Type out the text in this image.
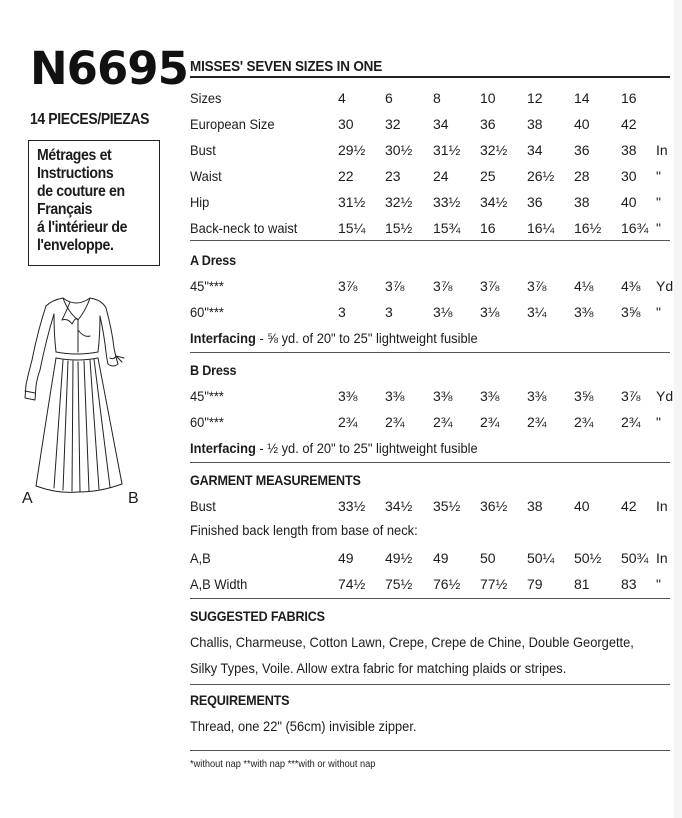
N6695
14 PIECES/PIEZAS
Métrages et
Instructions
de couture en
Français
á l'intérieur de
l'enveloppe.
A	B
MISSES' SEVEN SIZES IN ONE
Sizes	4	6	8	10	12	14	16
European Size	30	32	34	36	38	40	42
Bust	29½	30½	31½	32½	34	36	38	In
Waist	22	23	24	25	26½	28	30	"
Hip	31½	32½	33½	34½	36	38	40	"
Back-neck to waist	15¼	15½	15¾	16	16¼	16½	16¾ "
A Dress
45"***	3⅞	3⅞	3⅞	3⅞	3⅞	4⅛	4⅜	Yd
60"***	3	3	3⅛	3⅛	3¼	3⅜	3⅝	"
Interfacing - ⅝ yd. of 20" to 25" lightweight fusible
B Dress
45"***	3⅜	3⅜	3⅜	3⅜	3⅜	3⅝	3⅞	Yd
60"***	2¾	2¾	2¾	2¾	2¾	2¾	2¾	"
Interfacing - ½ yd. of 20" to 25" lightweight fusible
GARMENT MEASUREMENTS
Bust	33½	34½	35½	36½	38	40	42	In
Finished back length from base of neck:
A,B	49	49½	49	50	50¼	50½	50¾ In
A,B Width	74½	75½	76½	77½	79	81	83	"
SUGGESTED FABRICS
Challis, Charmeuse, Cotton Lawn, Crepe, Crepe de Chine, Double Georgette,
Silky Types, Voile. Allow extra fabric for matching plaids or stripes.
REQUIREMENTS
Thread, one 22" (56cm) invisible zipper.
*without nap **with nap ***with or without nap
